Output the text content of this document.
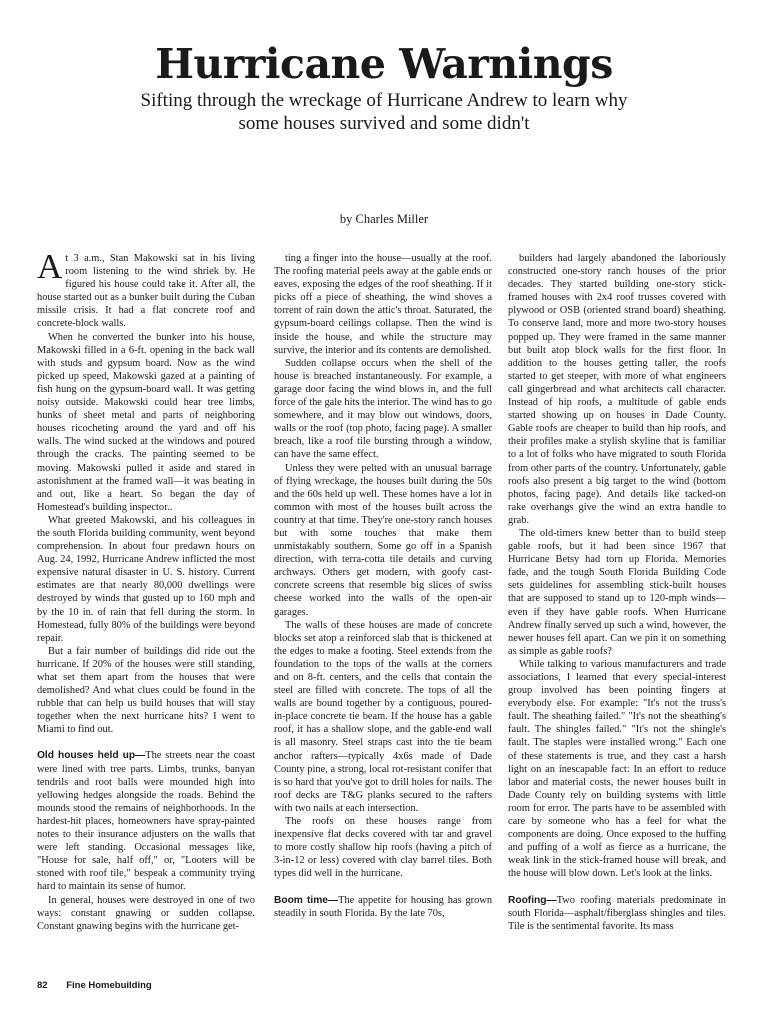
Hurricane Warnings

Sifting through the wreckage of Hurricane Andrew to learn why some houses survived and some didn't

by Charles Miller

At 3 a.m., Stan Makowski sat in his living room listening to the wind shriek by. He figured his house could take it. After all, the house started out as a bunker built during the Cuban missile crisis. It had a flat concrete roof and concrete-block walls.

When he converted the bunker into his house, Makowski filled in a 6-ft. opening in the back wall with studs and gypsum board. Now as the wind picked up speed, Makowski gazed at a painting of fish hung on the gypsum-board wall. It was getting noisy outside. Makowski could hear tree limbs, hunks of sheet metal and parts of neighboring houses ricocheting around the yard and off his walls. The wind sucked at the windows and poured through the cracks. The painting seemed to be moving. Makowski pulled it aside and stared in astonishment at the framed wall—it was beating in and out, like a heart. So began the day of Homestead's building inspector..

What greeted Makowski, and his colleagues in the south Florida building community, went beyond comprehension. In about four predawn hours on Aug. 24, 1992, Hurricane Andrew inflicted the most expensive natural disaster in U. S. history. Current estimates are that nearly 80,000 dwellings were destroyed by winds that gusted up to 160 mph and by the 10 in. of rain that fell during the storm. In Homestead, fully 80% of the buildings were beyond repair.

But a fair number of buildings did ride out the hurricane. If 20% of the houses were still standing, what set them apart from the houses that were demolished? And what clues could be found in the rubble that can help us build houses that will stay together when the next hurricane hits? I went to Miami to find out.

Old houses held up—The streets near the coast were lined with tree parts. Limbs, trunks, banyan tendrils and root balls were mounded high into yellowing hedges alongside the roads. Behind the mounds stood the remains of neighborhoods. In the hardest-hit places, homeowners have spray-painted notes to their insurance adjusters on the walls that were left standing. Occasional messages like, "House for sale, half off," or, "Looters will be stoned with roof tile," bespeak a community trying hard to maintain its sense of humor.

In general, houses were destroyed in one of two ways: constant gnawing or sudden collapse. Constant gnawing begins with the hurricane get-

ting a finger into the house—usually at the roof. The roofing material peels away at the gable ends or eaves, exposing the edges of the roof sheathing. If it picks off a piece of sheathing, the wind shoves a torrent of rain down the attic's throat. Saturated, the gypsum-board ceilings collapse. Then the wind is inside the house, and while the structure may survive, the interior and its contents are demolished.

Sudden collapse occurs when the shell of the house is breached instantaneously. For example, a garage door facing the wind blows in, and the full force of the gale hits the interior. The wind has to go somewhere, and it may blow out windows, doors, walls or the roof (top photo, facing page). A smaller breach, like a roof tile bursting through a window, can have the same effect.

Unless they were pelted with an unusual barrage of flying wreckage, the houses built during the 50s and the 60s held up well. These homes have a lot in common with most of the houses built across the country at that time. They're one-story ranch houses but with some touches that make them unmistakably southern. Some go off in a Spanish direction, with terra-cotta tile details and curving archways. Others get modern, with goofy cast-concrete screens that resemble big slices of swiss cheese worked into the walls of the open-air garages.

The walls of these houses are made of concrete blocks set atop a reinforced slab that is thickened at the edges to make a footing. Steel extends from the foundation to the tops of the walls at the corners and on 8-ft. centers, and the cells that contain the steel are filled with concrete. The tops of all the walls are bound together by a contiguous, poured-in-place concrete tie beam. If the house has a gable roof, it has a shallow slope, and the gable-end wall is all masonry. Steel straps cast into the tie beam anchor rafters—typically 4x6s made of Dade County pine, a strong, local rot-resistant conifer that is so hard that you've got to drill holes for nails. The roof decks are T&G planks secured to the rafters with two nails at each intersection.

The roofs on these houses range from inexpensive flat decks covered with tar and gravel to more costly shallow hip roofs (having a pitch of 3-in-12 or less) covered with clay barrel tiles. Both types did well in the hurricane.

Boom time—The appetite for housing has grown steadily in south Florida. By the late 70s,

builders had largely abandoned the laboriously constructed one-story ranch houses of the prior decades. They started building one-story stick-framed houses with 2x4 roof trusses covered with plywood or OSB (oriented strand board) sheathing. To conserve land, more and more two-story houses popped up. They were framed in the same manner but built atop block walls for the first floor. In addition to the houses getting taller, the roofs started to get steeper, with more of what engineers call gingerbread and what architects call character. Instead of hip roofs, a multitude of gable ends started showing up on houses in Dade County. Gable roofs are cheaper to build than hip roofs, and their profiles make a stylish skyline that is familiar to a lot of folks who have migrated to south Florida from other parts of the country. Unfortunately, gable roofs also present a big target to the wind (bottom photos, facing page). And details like tacked-on rake overhangs give the wind an extra handle to grab.

The old-timers knew better than to build steep gable roofs, but it had been since 1967 that Hurricane Betsy had torn up Florida. Memories fade, and the tough South Florida Building Code sets guidelines for assembling stick-built houses that are supposed to stand up to 120-mph winds—even if they have gable roofs. When Hurricane Andrew finally served up such a wind, however, the newer houses fell apart. Can we pin it on something as simple as gable roofs?

While talking to various manufacturers and trade associations, I learned that every special-interest group involved has been pointing fingers at everybody else. For example: "It's not the truss's fault. The sheathing failed." "It's not the sheathing's fault. The shingles failed." "It's not the shingle's fault. The staples were installed wrong." Each one of these statements is true, and they cast a harsh light on an inescapable fact: In an effort to reduce labor and material costs, the newer houses built in Dade County rely on building systems with little room for error. The parts have to be assembled with care by someone who has a feel for what the components are doing. Once exposed to the huffing and puffing of a wolf as fierce as a hurricane, the weak link in the stick-framed house will break, and the house will blow down. Let's look at the links.

Roofing—Two roofing materials predominate in south Florida—asphalt/fiberglass shingles and tiles. Tile is the sentimental favorite. Its mass

82 Fine Homebuilding
